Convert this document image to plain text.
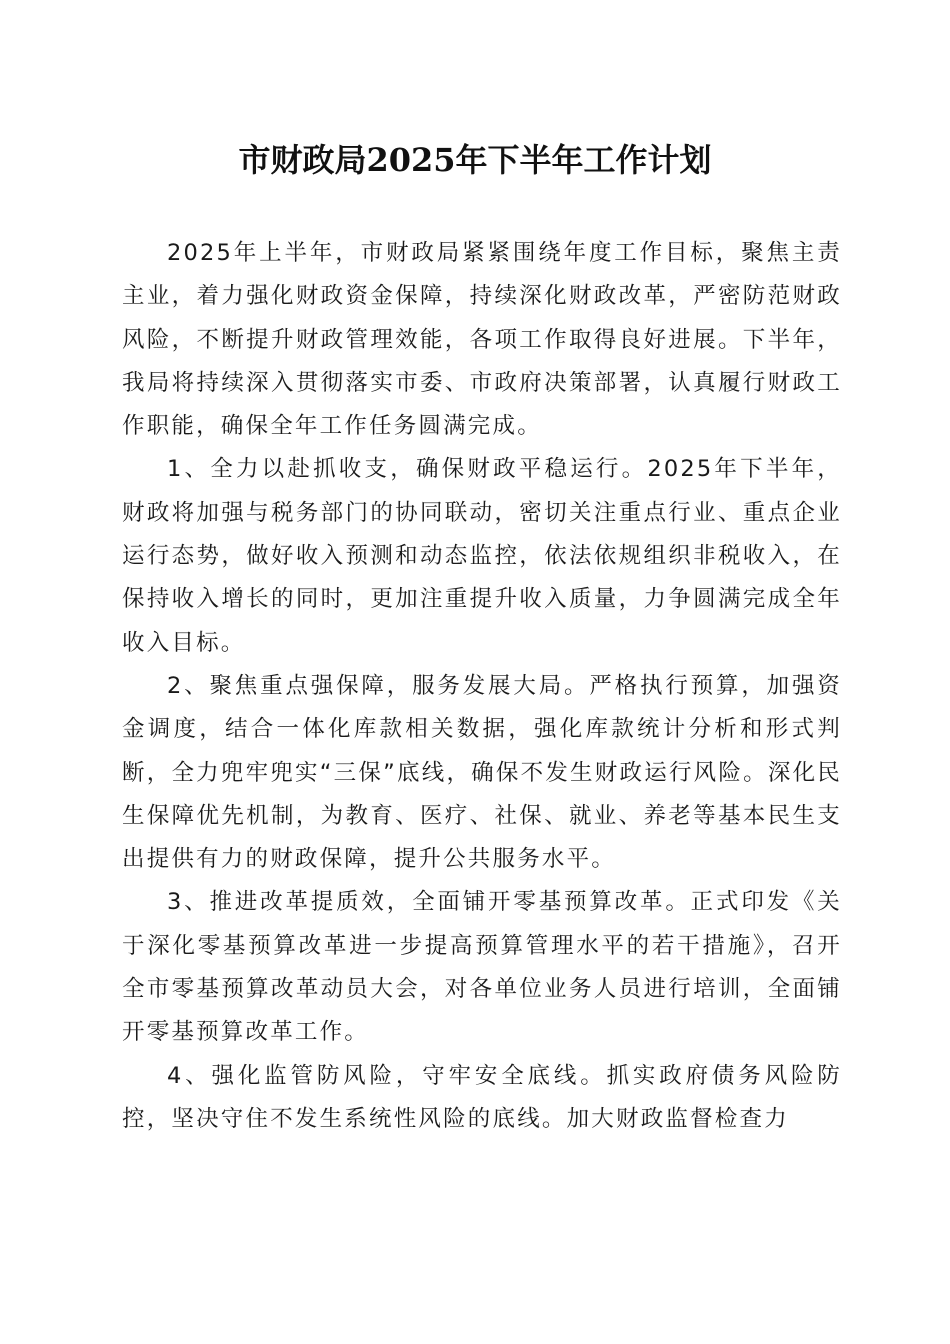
市财政局2025年下半年工作计划

2025年上半年，市财政局紧紧围绕年度工作目标，聚焦主责主业，着力强化财政资金保障，持续深化财政改革，严密防范财政风险，不断提升财政管理效能，各项工作取得良好进展。下半年，我局将持续深入贯彻落实市委、市政府决策部署，认真履行财政工作职能，确保全年工作任务圆满完成。

1、全力以赴抓收支，确保财政平稳运行。2025年下半年，财政将加强与税务部门的协同联动，密切关注重点行业、重点企业运行态势，做好收入预测和动态监控，依法依规组织非税收入，在保持收入增长的同时，更加注重提升收入质量，力争圆满完成全年收入目标。

2、聚焦重点强保障，服务发展大局。严格执行预算，加强资金调度，结合一体化库款相关数据，强化库款统计分析和形式判断，全力兜牢兜实“三保”底线，确保不发生财政运行风险。深化民生保障优先机制，为教育、医疗、社保、就业、养老等基本民生支出提供有力的财政保障，提升公共服务水平。

3、推进改革提质效，全面铺开零基预算改革。正式印发《关于深化零基预算改革进一步提高预算管理水平的若干措施》，召开全市零基预算改革动员大会，对各单位业务人员进行培训，全面铺开零基预算改革工作。

4、强化监管防风险，守牢安全底线。抓实政府债务风险防控，坚决守住不发生系统性风险的底线。加大财政监督检查力
